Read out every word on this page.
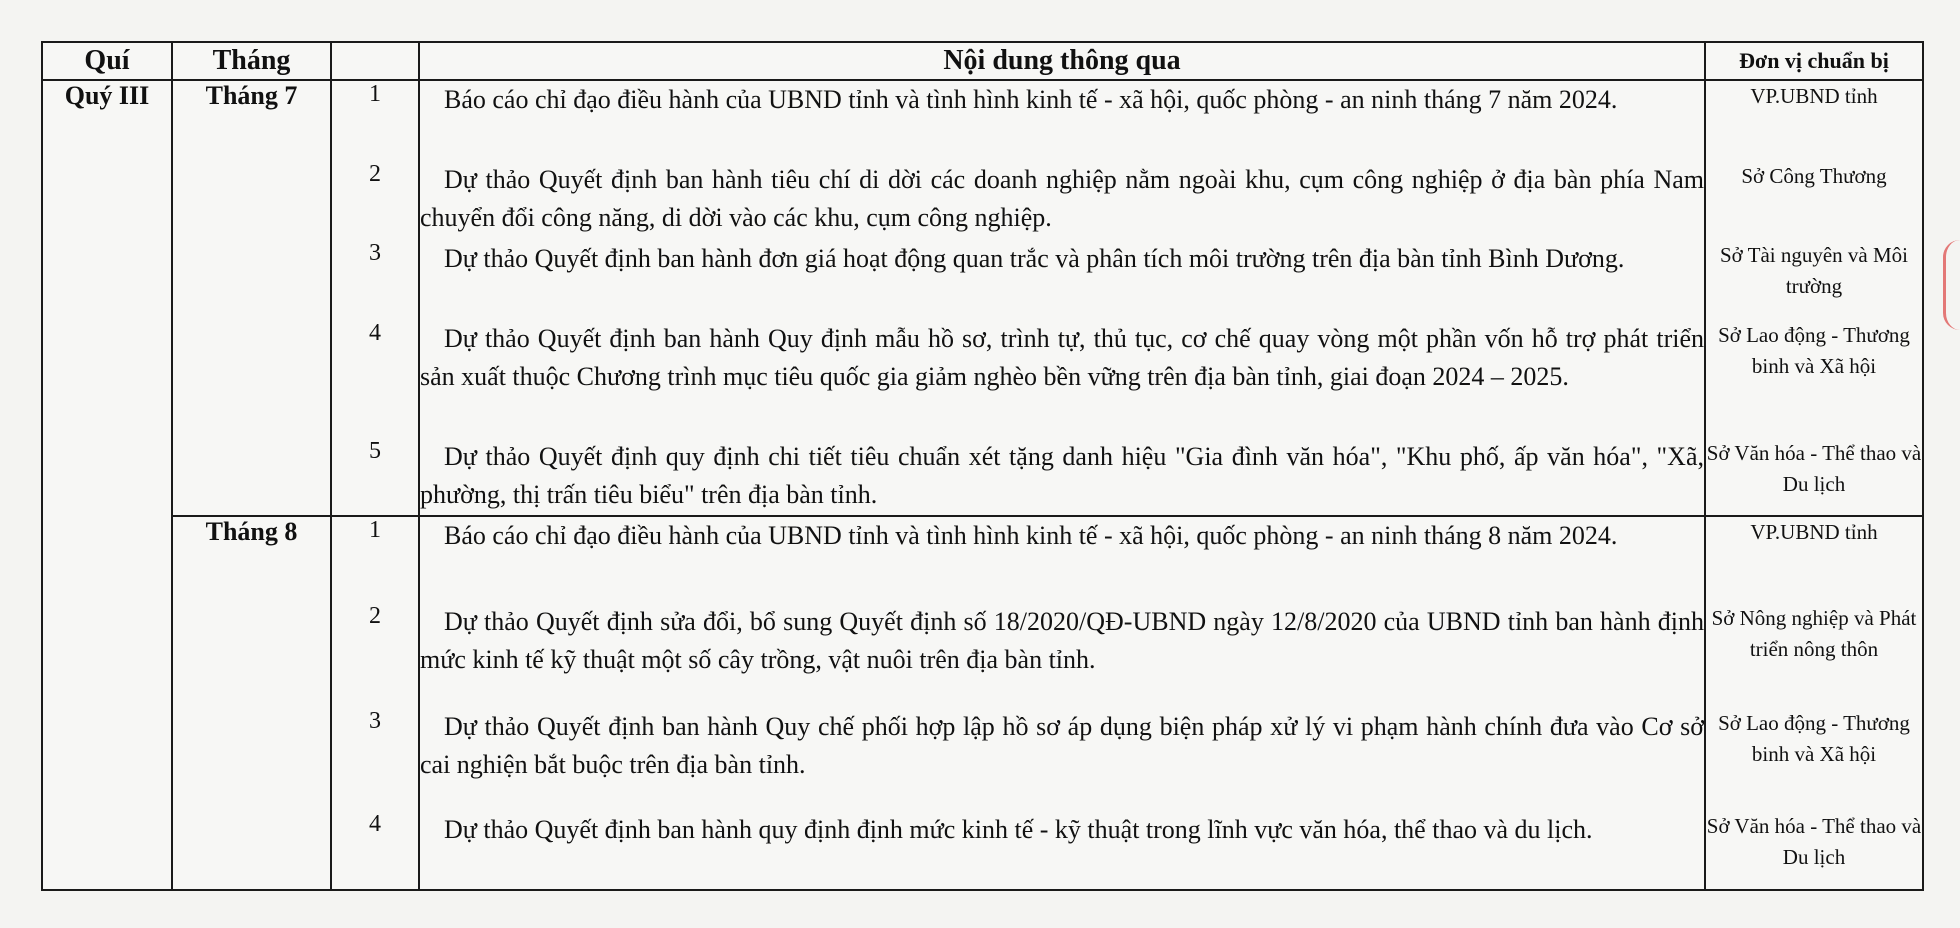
Quí	Tháng		Nội dung thông qua	Đơn vị chuẩn bị
Quý III	Tháng 7	1	Báo cáo chỉ đạo điều hành của UBND tỉnh và tình hình kinh tế - xã hội, quốc phòng - an ninh tháng 7 năm 2024.	VP.UBND tỉnh
		2	Dự thảo Quyết định ban hành tiêu chí di dời các doanh nghiệp nằm ngoài khu, cụm công nghiệp ở địa bàn phía Nam chuyển đổi công năng, di dời vào các khu, cụm công nghiệp.	Sở Công Thương
		3	Dự thảo Quyết định ban hành đơn giá hoạt động quan trắc và phân tích môi trường trên địa bàn tỉnh Bình Dương.	Sở Tài nguyên và Môi trường
		4	Dự thảo Quyết định ban hành Quy định mẫu hồ sơ, trình tự, thủ tục, cơ chế quay vòng một phần vốn hỗ trợ phát triển sản xuất thuộc Chương trình mục tiêu quốc gia giảm nghèo bền vững trên địa bàn tỉnh, giai đoạn 2024 – 2025.	Sở Lao động - Thương binh và Xã hội
		5	Dự thảo Quyết định quy định chi tiết tiêu chuẩn xét tặng danh hiệu "Gia đình văn hóa", "Khu phố, ấp văn hóa", "Xã, phường, thị trấn tiêu biểu" trên địa bàn tỉnh.	Sở Văn hóa - Thể thao và Du lịch
	Tháng 8	1	Báo cáo chỉ đạo điều hành của UBND tỉnh và tình hình kinh tế - xã hội, quốc phòng - an ninh tháng 8 năm 2024.	VP.UBND tỉnh
		2	Dự thảo Quyết định sửa đổi, bổ sung Quyết định số 18/2020/QĐ-UBND ngày 12/8/2020 của UBND tỉnh ban hành định mức kinh tế kỹ thuật một số cây trồng, vật nuôi trên địa bàn tỉnh.	Sở Nông nghiệp và Phát triển nông thôn
		3	Dự thảo Quyết định ban hành Quy chế phối hợp lập hồ sơ áp dụng biện pháp xử lý vi phạm hành chính đưa vào Cơ sở cai nghiện bắt buộc trên địa bàn tỉnh.	Sở Lao động - Thương binh và Xã hội
		4	Dự thảo Quyết định ban hành quy định định mức kinh tế - kỹ thuật trong lĩnh vực văn hóa, thể thao và du lịch.	Sở Văn hóa - Thể thao và Du lịch
